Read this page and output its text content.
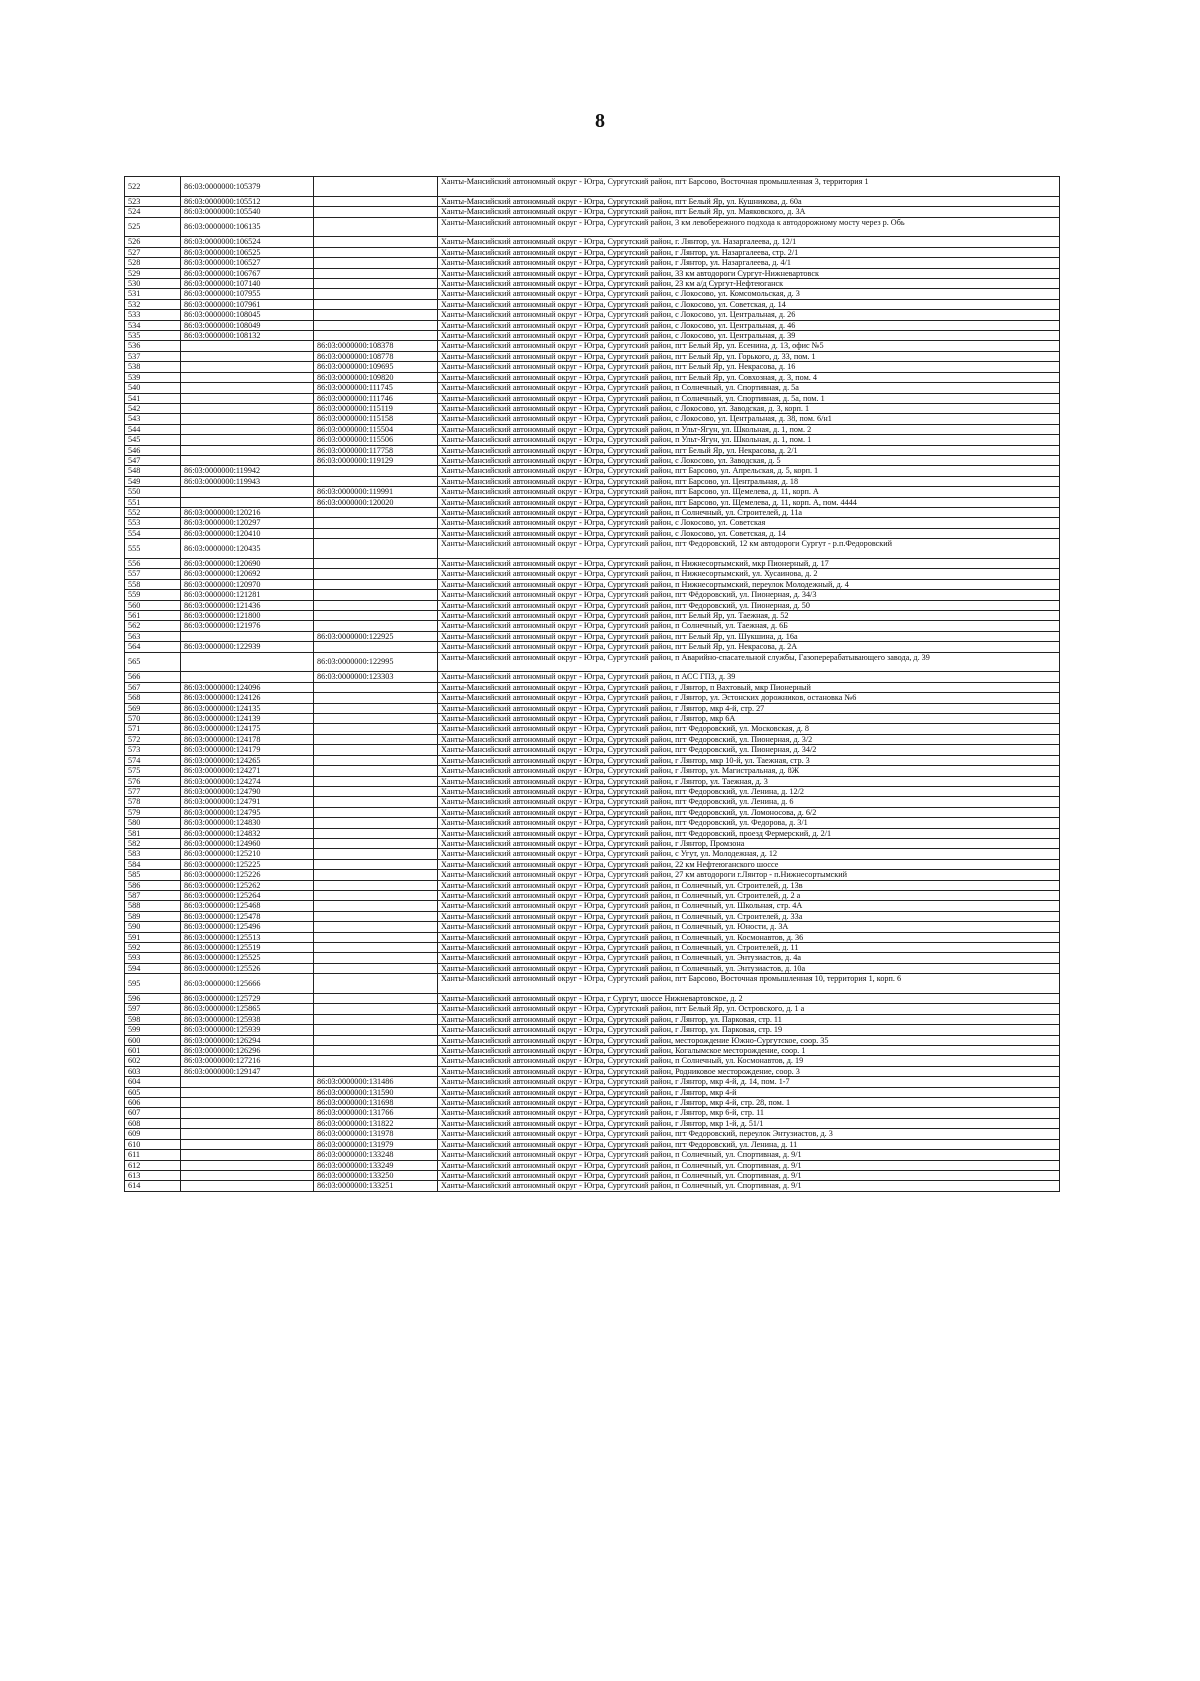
8
522	86:03:0000000:105379		Ханты-Мансийский автономный округ - Югра, Сургутский район, пгт Барсово, Восточная промышленная 3, территория 1
523	86:03:0000000:105512		Ханты-Мансийский автономный округ - Югра, Сургутский район, пгт Белый Яр, ул. Кушникова, д. 60а
524	86:03:0000000:105540		Ханты-Мансийский автономный округ - Югра, Сургутский район, пгт Белый Яр, ул. Маяковского, д. 3А
525	86:03:0000000:106135		Ханты-Мансийский автономный округ - Югра, Сургутский район, 3 км левобережного подхода к автодорожному мосту через р. Обь
526	86:03:0000000:106524		Ханты-Мансийский автономный округ - Югра, Сургутский район, г. Лянтор, ул. Назаргалеева, д. 12/1
527	86:03:0000000:106525		Ханты-Мансийский автономный округ - Югра, Сургутский район, г Лянтор, ул. Назаргалеева, стр. 2/1
528	86:03:0000000:106527		Ханты-Мансийский автономный округ - Югра, Сургутский район, г Лянтор, ул. Назаргалеева, д. 4/1
529	86:03:0000000:106767		Ханты-Мансийский автономный округ - Югра, Сургутский район, 33 км автодороги Сургут-Нижневартовск
530	86:03:0000000:107140		Ханты-Мансийский автономный округ - Югра, Сургутский район, 23 км а/д Сургут-Нефтеюганск
531	86:03:0000000:107955		Ханты-Мансийский автономный округ - Югра, Сургутский район, с Локосово, ул. Комсомольская, д. 3
532	86:03:0000000:107961		Ханты-Мансийский автономный округ - Югра, Сургутский район, с Локосово, ул. Советская, д. 14
533	86:03:0000000:108045		Ханты-Мансийский автономный округ - Югра, Сургутский район, с Локосово, ул. Центральная, д. 26
534	86:03:0000000:108049		Ханты-Мансийский автономный округ - Югра, Сургутский район, с Локосово, ул. Центральная, д. 46
535	86:03:0000000:108132		Ханты-Мансийский автономный округ - Югра, Сургутский район, с Локосово, ул. Центральная, д. 39
536		86:03:0000000:108378	Ханты-Мансийский автономный округ - Югра, Сургутский район, пгт Белый Яр, ул. Есенина, д. 13, офис №5
537		86:03:0000000:108778	Ханты-Мансийский автономный округ - Югра, Сургутский район, пгт Белый Яр, ул. Горького, д. 33, пом. 1
538		86:03:0000000:109695	Ханты-Мансийский автономный округ - Югра, Сургутский район, пгт Белый Яр, ул. Некрасова, д. 16
539		86:03:0000000:109820	Ханты-Мансийский автономный округ - Югра, Сургутский район, пгт Белый Яр, ул. Совхозная, д. 3, пом. 4
540		86:03:0000000:111745	Ханты-Мансийский автономный округ - Югра, Сургутский район, п Солнечный, ул. Спортивная, д. 5а
541		86:03:0000000:111746	Ханты-Мансийский автономный округ - Югра, Сургутский район, п Солнечный, ул. Спортивная, д. 5а, пом. 1
542		86:03:0000000:115119	Ханты-Мансийский автономный округ - Югра, Сургутский район, с Локосово, ул. Заводская, д. 3, корп. 1
543		86:03:0000000:115158	Ханты-Мансийский автономный округ - Югра, Сургутский район, с Локосово, ул. Центральная, д. 38, пом. 6/н1
544		86:03:0000000:115504	Ханты-Мансийский автономный округ - Югра, Сургутский район, п Ульт-Ягун, ул. Школьная, д. 1, пом. 2
545		86:03:0000000:115506	Ханты-Мансийский автономный округ - Югра, Сургутский район, п Ульт-Ягун, ул. Школьная, д. 1, пом. 1
546		86:03:0000000:117758	Ханты-Мансийский автономный округ - Югра, Сургутский район, пгт Белый Яр, ул. Некрасова, д. 2/1
547		86:03:0000000:119129	Ханты-Мансийский автономный округ - Югра, Сургутский район, с Локосово, ул. Заводская, д. 5
548	86:03:0000000:119942		Ханты-Мансийский автономный округ - Югра, Сургутский район, пгт Барсово, ул. Апрельская, д. 5, корп. 1
549	86:03:0000000:119943		Ханты-Мансийский автономный округ - Югра, Сургутский район, пгт Барсово, ул. Центральная, д. 18
550		86:03:0000000:119991	Ханты-Мансийский автономный округ - Югра, Сургутский район, пгт Барсово, ул. Щемелева, д. 11, корп. А
551		86:03:0000000:120020	Ханты-Мансийский автономный округ - Югра, Сургутский район, пгт Барсово, ул. Щемелева, д. 11, корп. А, пом. 4444
552	86:03:0000000:120216		Ханты-Мансийский автономный округ - Югра, Сургутский район, п Солнечный, ул. Строителей, д. 11а
553	86:03:0000000:120297		Ханты-Мансийский автономный округ - Югра, Сургутский район, с Локосово, ул. Советская
554	86:03:0000000:120410		Ханты-Мансийский автономный округ - Югра, Сургутский район, с Локосово, ул. Советская, д. 14
555	86:03:0000000:120435		Ханты-Мансийский автономный округ - Югра, Сургутский район, пгт Федоровский, 12 км автодороги Сургут - р.п.Федоровский
556	86:03:0000000:120690		Ханты-Мансийский автономный округ - Югра, Сургутский район, п Нижнесортымский, мкр Пионерный, д. 17
557	86:03:0000000:120692		Ханты-Мансийский автономный округ - Югра, Сургутский район, п Нижнесортымский, ул. Хусаинова, д. 2
558	86:03:0000000:120970		Ханты-Мансийский автономный округ - Югра, Сургутский район, п Нижнесортымский, переулок Молодежный, д. 4
559	86:03:0000000:121281		Ханты-Мансийский автономный округ - Югра, Сургутский район, пгт Фёдоровский, ул. Пионерная, д. 34/3
560	86:03:0000000:121436		Ханты-Мансийский автономный округ - Югра, Сургутский район, пгт Федоровский, ул. Пионерная, д. 50
561	86:03:0000000:121800		Ханты-Мансийский автономный округ - Югра, Сургутский район, пгт Белый Яр, ул. Таежная, д. 52
562	86:03:0000000:121976		Ханты-Мансийский автономный округ - Югра, Сургутский район, п Солнечный, ул. Таежная, д. 6Б
563		86:03:0000000:122925	Ханты-Мансийский автономный округ - Югра, Сургутский район, пгт Белый Яр, ул. Шукшина, д. 16а
564	86:03:0000000:122939		Ханты-Мансийский автономный округ - Югра, Сургутский район, пгт Белый Яр, ул. Некрасова, д. 2А
565		86:03:0000000:122995	Ханты-Мансийский автономный округ - Югра, Сургутский район, п Аварийно-спасательной службы, Газоперерабатывающего завода, д. 39
566		86:03:0000000:123303	Ханты-Мансийский автономный округ - Югра, Сургутский район, п АСС ГПЗ, д. 39
567	86:03:0000000:124096		Ханты-Мансийский автономный округ - Югра, Сургутский район, г Лянтор, п Вахтовый, мкр Пионерный
568	86:03:0000000:124126		Ханты-Мансийский автономный округ - Югра, Сургутский район, г Лянтор, ул. Эстонских дорожников, остановка №6
569	86:03:0000000:124135		Ханты-Мансийский автономный округ - Югра, Сургутский район, г Лянтор, мкр 4-й, стр. 27
570	86:03:0000000:124139		Ханты-Мансийский автономный округ - Югра, Сургутский район, г Лянтор, мкр 6А
571	86:03:0000000:124175		Ханты-Мансийский автономный округ - Югра, Сургутский район, пгт Федоровский, ул. Московская, д. 8
572	86:03:0000000:124178		Ханты-Мансийский автономный округ - Югра, Сургутский район, пгт Федоровский, ул. Пионерная, д. 3/2
573	86:03:0000000:124179		Ханты-Мансийский автономный округ - Югра, Сургутский район, пгт Федоровский, ул. Пионерная, д. 34/2
574	86:03:0000000:124265		Ханты-Мансийский автономный округ - Югра, Сургутский район, г Лянтор, мкр 10-й, ул. Таежная, стр. 3
575	86:03:0000000:124271		Ханты-Мансийский автономный округ - Югра, Сургутский район, г Лянтор, ул. Магистральная, д. 8Ж
576	86:03:0000000:124274		Ханты-Мансийский автономный округ - Югра, Сургутский район, г Лянтор, ул. Таежная, д. 3
577	86:03:0000000:124790		Ханты-Мансийский автономный округ - Югра, Сургутский район, пгт Федоровский, ул. Ленина, д. 12/2
578	86:03:0000000:124791		Ханты-Мансийский автономный округ - Югра, Сургутский район, пгт Федоровский, ул. Ленина, д. 6
579	86:03:0000000:124795		Ханты-Мансийский автономный округ - Югра, Сургутский район, пгт Федоровский, ул. Ломоносова, д. 6/2
580	86:03:0000000:124830		Ханты-Мансийский автономный округ - Югра, Сургутский район, пгт Федоровский, ул. Федорова, д. 3/1
581	86:03:0000000:124832		Ханты-Мансийский автономный округ - Югра, Сургутский район, пгт Федоровский, проезд Фермерский, д. 2/1
582	86:03:0000000:124960		Ханты-Мансийский автономный округ - Югра, Сургутский район, г Лянтор, Промзона
583	86:03:0000000:125210		Ханты-Мансийский автономный округ - Югра, Сургутский район, с Угут, ул. Молодежная, д. 12
584	86:03:0000000:125225		Ханты-Мансийский автономный округ - Югра, Сургутский район, 22 км Нефтеюганского шоссе
585	86:03:0000000:125226		Ханты-Мансийский автономный округ - Югра, Сургутский район, 27 км автодороги г.Лянтор - п.Нижнесортымский
586	86:03:0000000:125262		Ханты-Мансийский автономный округ - Югра, Сургутский район, п Солнечный, ул. Строителей, д. 13в
587	86:03:0000000:125264		Ханты-Мансийский автономный округ - Югра, Сургутский район, п Солнечный, ул. Строителей, д. 2 а
588	86:03:0000000:125468		Ханты-Мансийский автономный округ - Югра, Сургутский район, п Солнечный, ул. Школьная, стр. 4А
589	86:03:0000000:125478		Ханты-Мансийский автономный округ - Югра, Сургутский район, п Солнечный, ул. Строителей, д. 33а
590	86:03:0000000:125496		Ханты-Мансийский автономный округ - Югра, Сургутский район, п Солнечный, ул. Юности, д. 3А
591	86:03:0000000:125513		Ханты-Мансийский автономный округ - Югра, Сургутский район, п Солнечный, ул. Космонавтов, д. 36
592	86:03:0000000:125519		Ханты-Мансийский автономный округ - Югра, Сургутский район, п Солнечный, ул. Строителей, д. 11
593	86:03:0000000:125525		Ханты-Мансийский автономный округ - Югра, Сургутский район, п Солнечный, ул. Энтузиастов, д. 4а
594	86:03:0000000:125526		Ханты-Мансийский автономный округ - Югра, Сургутский район, п Солнечный, ул. Энтузиастов, д. 10а
595	86:03:0000000:125666		Ханты-Мансийский автономный округ - Югра, Сургутский район, пгт Барсово, Восточная промышленная 10, территория 1, корп. 6
596	86:03:0000000:125729		Ханты-Мансийский автономный округ - Югра, г Сургут, шоссе Нижневартовское, д. 2
597	86:03:0000000:125865		Ханты-Мансийский автономный округ - Югра, Сургутский район, пгт Белый Яр, ул. Островского, д. 1 а
598	86:03:0000000:125938		Ханты-Мансийский автономный округ - Югра, Сургутский район, г Лянтор, ул. Парковая, стр. 11
599	86:03:0000000:125939		Ханты-Мансийский автономный округ - Югра, Сургутский район, г Лянтор, ул. Парковая, стр. 19
600	86:03:0000000:126294		Ханты-Мансийский автономный округ - Югра, Сургутский район, месторождение Южно-Сургутское, соор. 35
601	86:03:0000000:126296		Ханты-Мансийский автономный округ - Югра, Сургутский район, Когалымское месторождение, соор. 1
602	86:03:0000000:127216		Ханты-Мансийский автономный округ - Югра, Сургутский район, п Солнечный, ул. Космонавтов, д. 19
603	86:03:0000000:129147		Ханты-Мансийский автономный округ - Югра, Сургутский район, Родниковое месторождение, соор. 3
604		86:03:0000000:131486	Ханты-Мансийский автономный округ - Югра, Сургутский район, г Лянтор, мкр 4-й, д. 14, пом. 1-7
605		86:03:0000000:131590	Ханты-Мансийский автономный округ - Югра, Сургутский район, г Лянтор, мкр 4-й
606		86:03:0000000:131698	Ханты-Мансийский автономный округ - Югра, Сургутский район, г Лянтор, мкр 4-й, стр. 28, пом. 1
607		86:03:0000000:131766	Ханты-Мансийский автономный округ - Югра, Сургутский район, г Лянтор, мкр 6-й, стр. 11
608		86:03:0000000:131822	Ханты-Мансийский автономный округ - Югра, Сургутский район, г Лянтор, мкр 1-й, д. 51/1
609		86:03:0000000:131978	Ханты-Мансийский автономный округ - Югра, Сургутский район, пгт Федоровский, переулок Энтузиастов, д. 3
610		86:03:0000000:131979	Ханты-Мансийский автономный округ - Югра, Сургутский район, пгт Федоровский, ул. Ленина, д. 11
611		86:03:0000000:133248	Ханты-Мансийский автономный округ - Югра, Сургутский район, п Солнечный, ул. Спортивная, д. 9/1
612		86:03:0000000:133249	Ханты-Мансийский автономный округ - Югра, Сургутский район, п Солнечный, ул. Спортивная, д. 9/1
613		86:03:0000000:133250	Ханты-Мансийский автономный округ - Югра, Сургутский район, п Солнечный, ул. Спортивная, д. 9/1
614		86:03:0000000:133251	Ханты-Мансийский автономный округ - Югра, Сургутский район, п Солнечный, ул. Спортивная, д. 9/1
